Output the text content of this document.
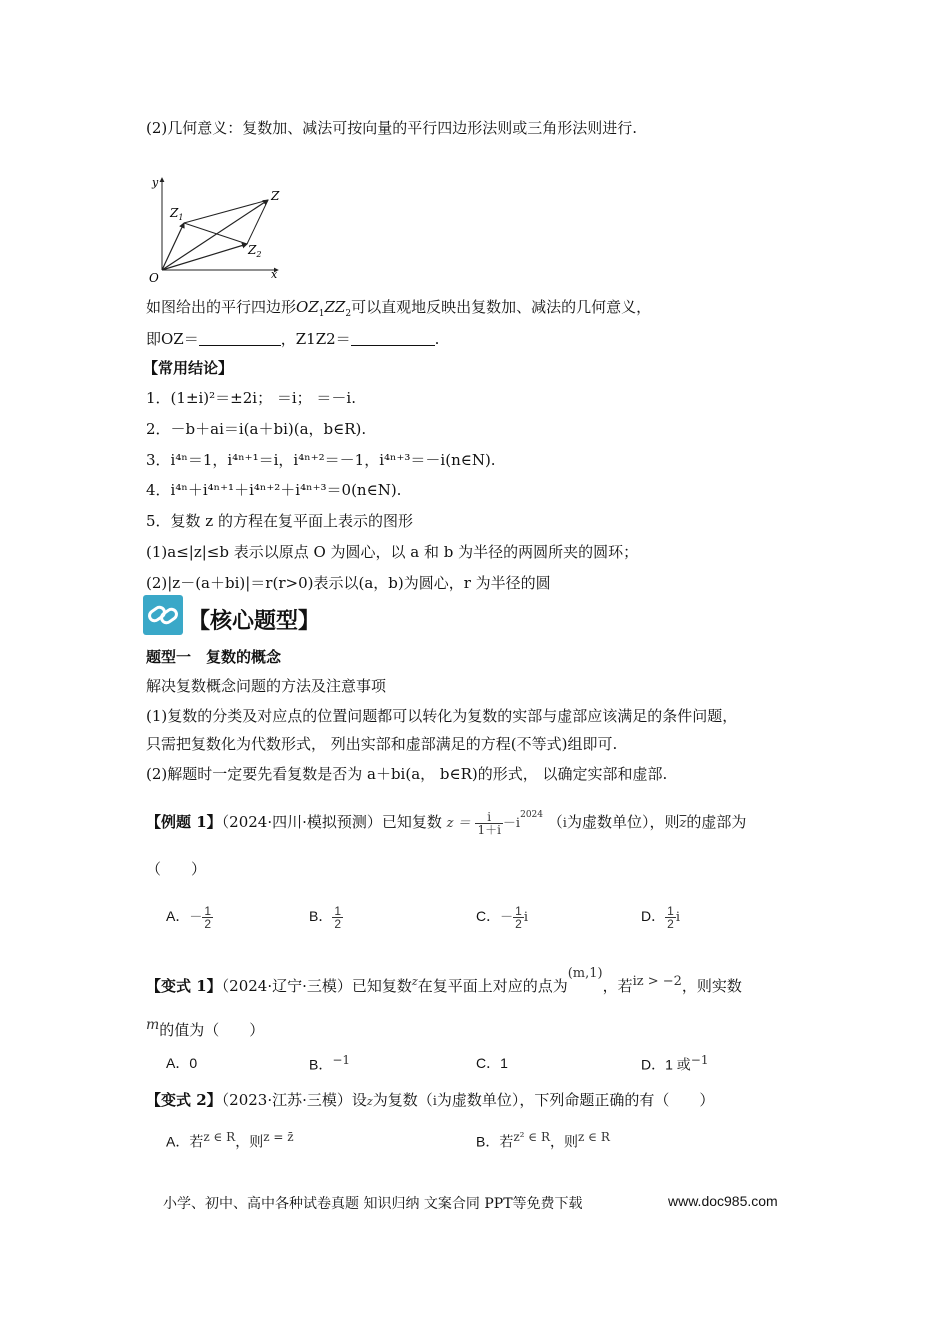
(2)几何意义：复数加、减法可按向量的平行四边形法则或三角形法则进行.
y
x
O
Z
$Z_1$
$Z_2$
如图给出的平行四边形$OZ_1ZZ_2$可以直观地反映出复数加、减法的几何意义，
即OZ＝	，Z1Z2＝	.
【常用结论】
1．(1±i)²＝±2i； ＝i； ＝－i.
2．－b＋ai＝i(a＋bi)(a，b∈R).
3．i⁴ⁿ＝1，i⁴ⁿ⁺¹＝i，i⁴ⁿ⁺²＝－1，i⁴ⁿ⁺³＝－i(n∈N).
4．i⁴ⁿ＋i⁴ⁿ⁺¹＋i⁴ⁿ⁺²＋i⁴ⁿ⁺³＝0(n∈N).
5．复数 z 的方程在复平面上表示的图形
(1)a≤|z|≤b 表示以原点 O 为圆心，以 a 和 b 为半径的两圆所夹的圆环；
(2)|z－(a＋bi)|＝r(r>0)表示以(a，b)为圆心，r 为半径的圆
【核心题型】
题型一　复数的概念
解决复数概念问题的方法及注意事项
(1)复数的分类及对应点的位置问题都可以转化为复数的实部与虚部应该满足的条件问题，
只需把复数化为代数形式， 列出实部和虚部满足的方程(不等式)组即可.
(2)解题时一定要先看复数是否为 a＋bi(a， b∈R)的形式， 以确定实部和虚部.
【例题 1】（2024·四川·模拟预测）已知复数 $z = \frac{i}{1+i} -i^{2024}$ （i为虚数单位），则$\overline{z}$的虚部为
（　　）
A．－ $\frac{1}{2}$	B． $\frac{1}{2}$	C．－ $\frac{1}{2}$ i	D． $\frac{1}{2}$ i
【变式 1】（2024·辽宁·三模）已知复数$^z$在复平面上对应的点为$^{(m,1)}$，若$^{iz > -2}$，则实数
$^m$的值为（　　）
A．0	B．$^{-1}$	C．1	D．1 或$^{-1}$
【变式 2】（2023·江苏·三模）设z为复数（i为虚数单位），下列命题正确的有（　　）
A．若$^{z \in R}$，则$^{z = z̄}$	B．若$^{z^2 \in R}$，则$^{z \in R}$
小学、初中、高中各种试卷真题 知识归纳 文案合同 PPT等免费下载	www.doc985.com
